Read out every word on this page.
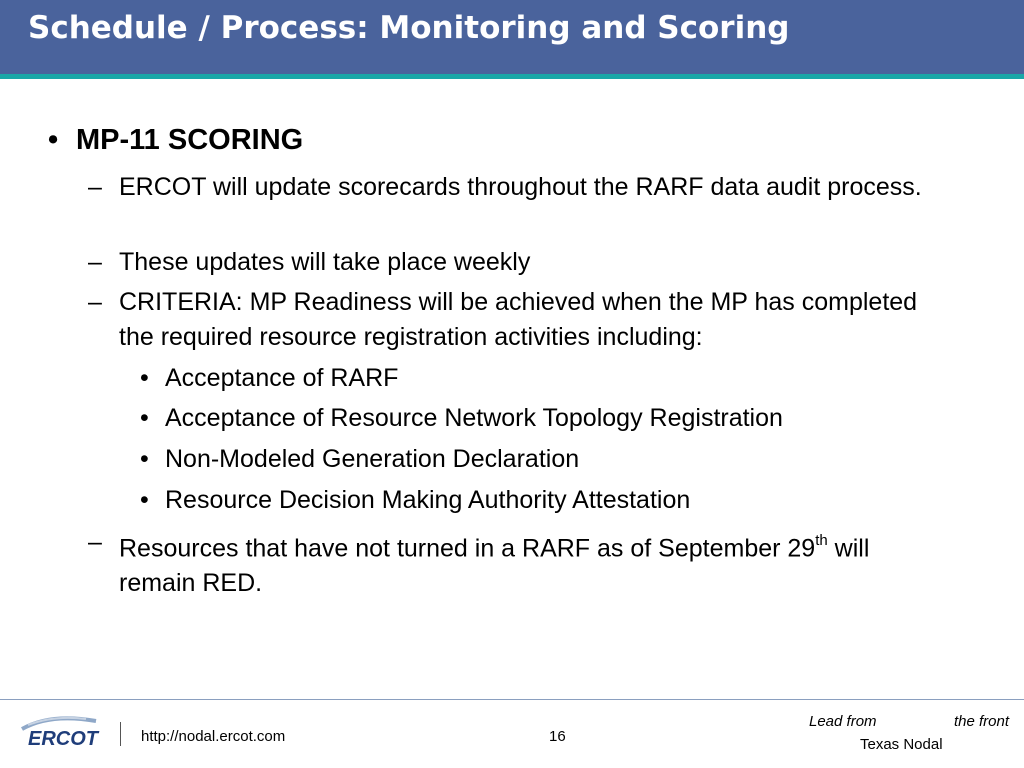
Schedule / Process: Monitoring and Scoring
• MP-11 SCORING
– ERCOT will update scorecards throughout the RARF data audit process.
– These updates will take place weekly
– CRITERIA: MP Readiness will be achieved when the MP has completed the required resource registration activities including:
• Acceptance of RARF
• Acceptance of Resource Network Topology Registration
• Non-Modeled Generation Declaration
• Resource Decision Making Authority Attestation
– Resources that have not turned in a RARF as of September 29th will remain RED.
ERCOT	http://nodal.ercot.com	16
Lead from	the front
Texas Nodal
